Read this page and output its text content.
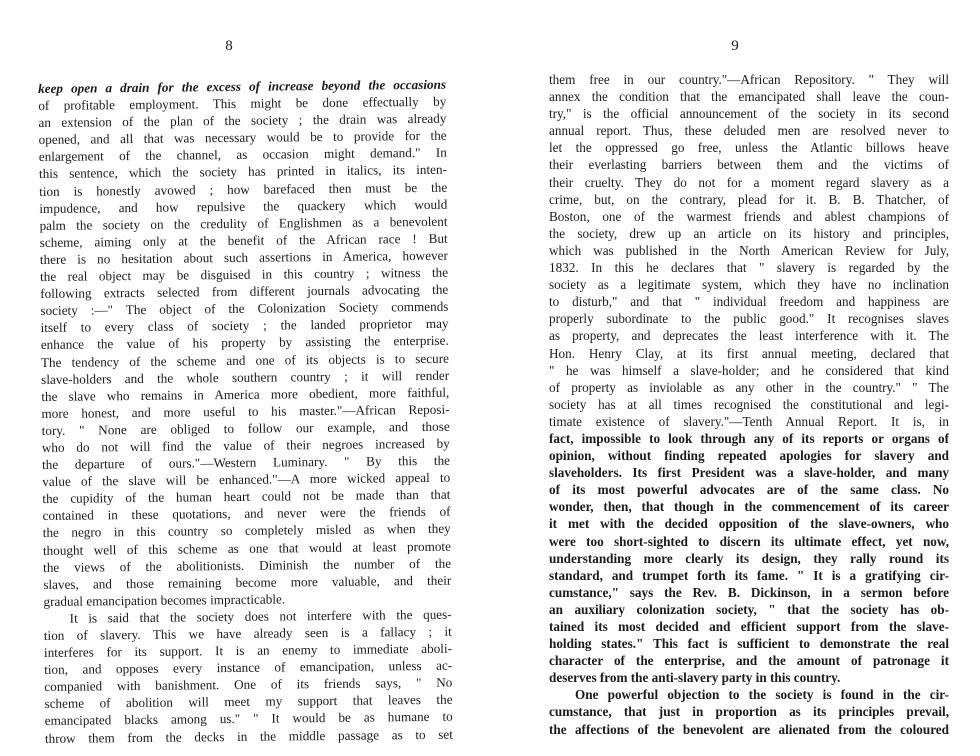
8
keep open a drain for the excess of increase beyond the occasions
of profitable employment. This might be done effectually by
an extension of the plan of the society ; the drain was already
opened, and all that was necessary would be to provide for the
enlargement of the channel, as occasion might demand." In
this sentence, which the society has printed in italics, its inten-
tion is honestly avowed ; how barefaced then must be the
impudence, and how repulsive the quackery which would
palm the society on the credulity of Englishmen as a benevolent
scheme, aiming only at the benefit of the African race ! But
there is no hesitation about such assertions in America, however
the real object may be disguised in this country ; witness the
following extracts selected from different journals advocating the
society :—" The object of the Colonization Society commends
itself to every class of society ; the landed proprietor may
enhance the value of his property by assisting the enterprise.
The tendency of the scheme and one of its objects is to secure
slave-holders and the whole southern country ; it will render
the slave who remains in America more obedient, more faithful,
more honest, and more useful to his master."—African Reposi-
tory. " None are obliged to follow our example, and those
who do not will find the value of their negroes increased by
the departure of ours."—Western Luminary. " By this the
value of the slave will be enhanced."—A more wicked appeal to
the cupidity of the human heart could not be made than that
contained in these quotations, and never were the friends of
the negro in this country so completely misled as when they
thought well of this scheme as one that would at least promote
the views of the abolitionists. Diminish the number of the
slaves, and those remaining become more valuable, and their
gradual emancipation becomes impracticable.
It is said that the society does not interfere with the ques-
tion of slavery. This we have already seen is a fallacy ; it
interferes for its support. It is an enemy to immediate aboli-
tion, and opposes every instance of emancipation, unless ac-
companied with banishment. One of its friends says, " No
scheme of abolition will meet my support that leaves the
emancipated blacks among us." " It would be as humane to
throw them from the decks in the middle passage as to set
9
them free in our country."—African Repository. " They will
annex the condition that the emancipated shall leave the coun-
try," is the official announcement of the society in its second
annual report. Thus, these deluded men are resolved never to
let the oppressed go free, unless the Atlantic billows heave
their everlasting barriers between them and the victims of
their cruelty. They do not for a moment regard slavery as a
crime, but, on the contrary, plead for it. B. B. Thatcher, of
Boston, one of the warmest friends and ablest champions of
the society, drew up an article on its history and principles,
which was published in the North American Review for July,
1832. In this he declares that " slavery is regarded by the
society as a legitimate system, which they have no inclination
to disturb," and that " individual freedom and happiness are
properly subordinate to the public good." It recognises slaves
as property, and deprecates the least interference with it. The
Hon. Henry Clay, at its first annual meeting, declared that
" he was himself a slave-holder; and he considered that kind
of property as inviolable as any other in the country." " The
society has at all times recognised the constitutional and legi-
timate existence of slavery."—Tenth Annual Report. It is, in
fact, impossible to look through any of its reports or organs of
opinion, without finding repeated apologies for slavery and
slaveholders. Its first President was a slave-holder, and many
of its most powerful advocates are of the same class. No
wonder, then, that though in the commencement of its career
it met with the decided opposition of the slave-owners, who
were too short-sighted to discern its ultimate effect, yet now,
understanding more clearly its design, they rally round its
standard, and trumpet forth its fame. " It is a gratifying cir-
cumstance," says the Rev. B. Dickinson, in a sermon before
an auxiliary colonization society, " that the society has ob-
tained its most decided and efficient support from the slave-
holding states." This fact is sufficient to demonstrate the real
character of the enterprise, and the amount of patronage it
deserves from the anti-slavery party in this country.
One powerful objection to the society is found in the cir-
cumstance, that just in proportion as its principles prevail,
the affections of the benevolent are alienated from the coloured
